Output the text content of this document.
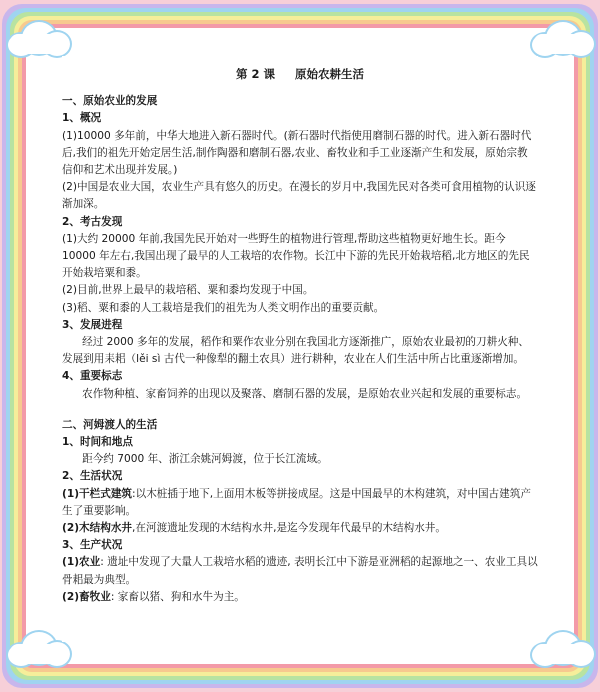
第 2 课 原始农耕生活
一、原始农业的发展
1、概况

(1)10000 多年前，中华大地进入新石器时代。(新石器时代指使用磨制石器的时代。进入新石器时代后,我们的祖先开始定居生活,制作陶器和磨制石器,农业、畜牧业和手工业逐渐产生和发展，原始宗教信仰和艺术出现并发展。)

(2)中国是农业大国，农业生产具有悠久的历史。在漫长的岁月中,我国先民对各类可食用植物的认识逐渐加深。

2、考古发现

(1)大约 20000 年前,我国先民开始对一些野生的植物进行管理,帮助这些植物更好地生长。距今 10000 年左右,我国出现了最早的人工栽培的农作物。长江中下游的先民开始栽培稻,北方地区的先民开始栽培粟和黍。

(2)目前,世界上最早的栽培稻、粟和黍均发现于中国。

(3)稻、粟和黍的人工栽培是我们的祖先为人类文明作出的重要贡献。

3、发展进程

经过 2000 多年的发展，稻作和粟作农业分别在我国北方逐渐推广，原始农业最初的刀耕火种、发展到用耒耜（lěi sì 古代一种像犁的翻土农具）进行耕种，农业在人们生活中所占比重逐渐增加。

4、重要标志

农作物种植、家畜饲养的出现以及聚落、磨制石器的发展，是原始农业兴起和发展的重要标志。

二、河姆渡人的生活
1、时间和地点

距今约 7000 年、浙江余姚河姆渡，位于长江流域。

2、生活状况

(1)干栏式建筑:以木桩插于地下,上面用木板等拼接成屋。这是中国最早的木构建筑，对中国古建筑产生了重要影响。

(2)木结构水井,在河渡遗址发现的木结构水井,是迄今发现年代最早的木结构水井。

3、生产状况

(1)农业: 遗址中发现了大量人工栽培水稻的遗迹, 表明长江中下游是亚洲稻的起源地之一、农业工具以骨耜最为典型。

(2)畜牧业: 家畜以猪、狗和水牛为主。
